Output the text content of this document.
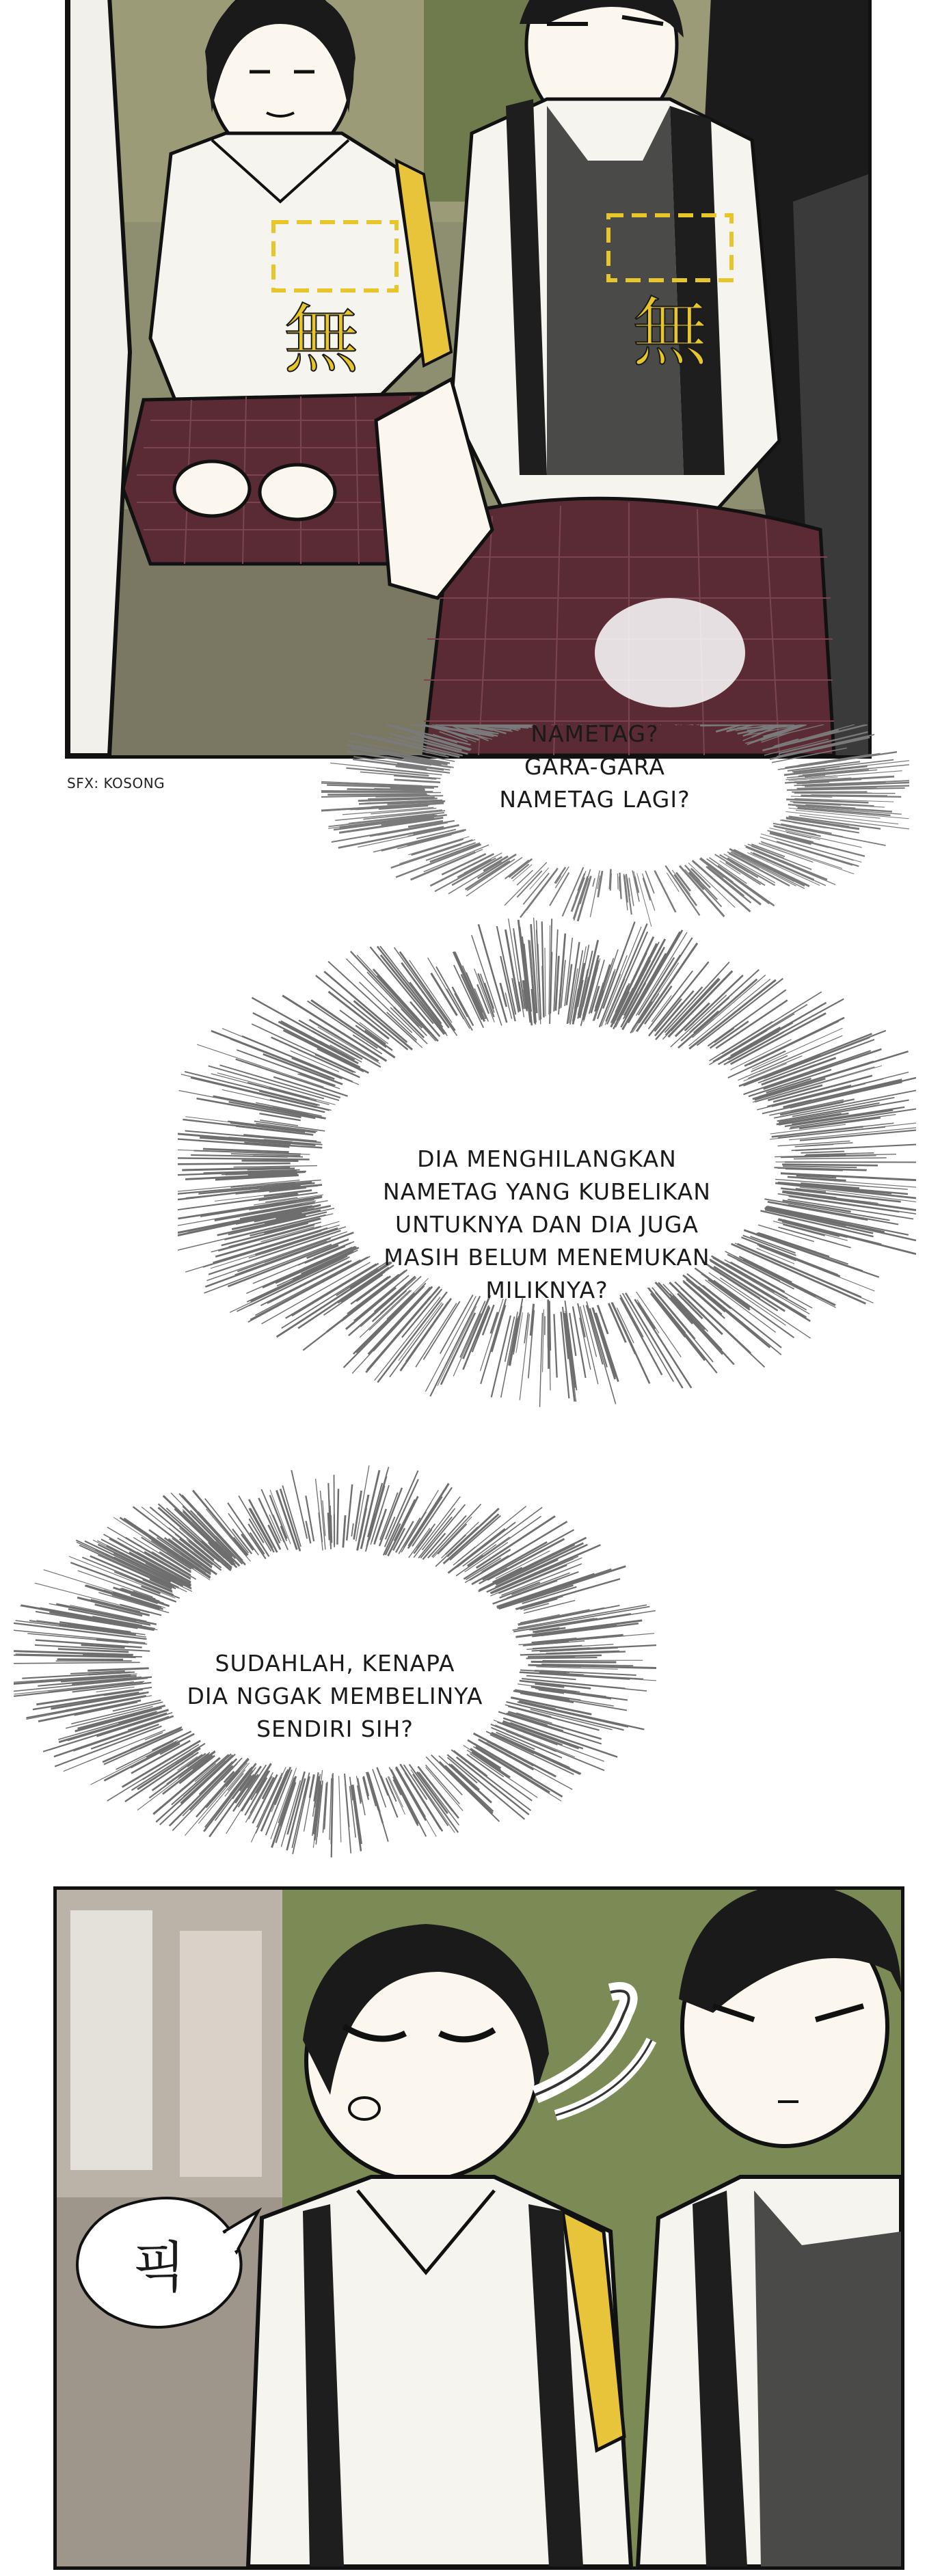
無	無
SFX: KOSONG
NAMETAG?
GARA-GARA
NAMETAG LAGI?
DIA MENGHILANGKAN
NAMETAG YANG KUBELIKAN
UNTUKNYA DAN DIA JUGA
MASIH BELUM MENEMUKAN
MILIKNYA?
SUDAHLAH, KENAPA
DIA NGGAK MEMBELINYA
SENDIRI SIH?
픽
